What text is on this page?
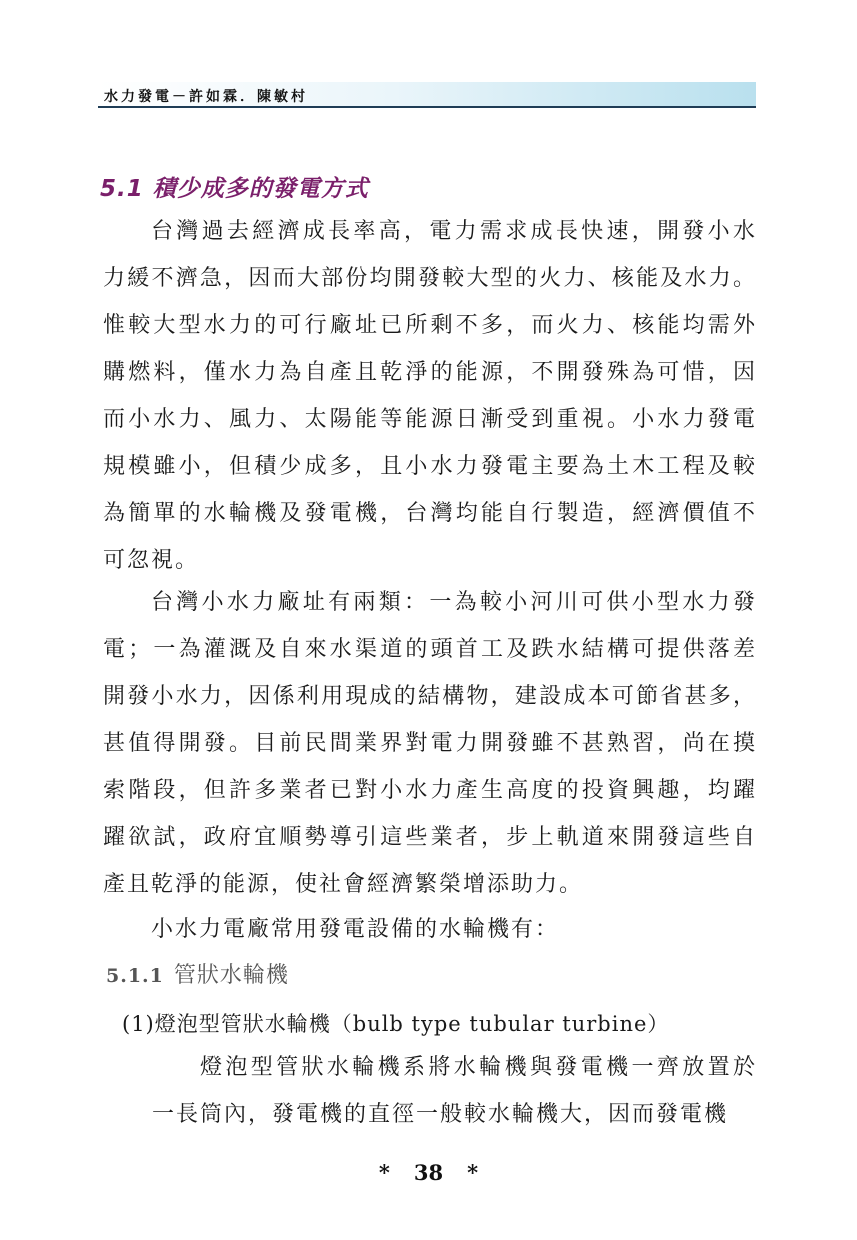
水力發電－許如霖．陳敏村
5.1 積少成多的發電方式
台灣過去經濟成長率高，電力需求成長快速，開發小水
力緩不濟急，因而大部份均開發較大型的火力、核能及水力。
惟較大型水力的可行廠址已所剩不多，而火力、核能均需外
購燃料，僅水力為自產且乾淨的能源，不開發殊為可惜，因
而小水力、風力、太陽能等能源日漸受到重視。小水力發電
規模雖小，但積少成多，且小水力發電主要為土木工程及較
為簡單的水輪機及發電機，台灣均能自行製造，經濟價值不
可忽視。
台灣小水力廠址有兩類：一為較小河川可供小型水力發
電；一為灌溉及自來水渠道的頭首工及跌水結構可提供落差
開發小水力，因係利用現成的結構物，建設成本可節省甚多，
甚值得開發。目前民間業界對電力開發雖不甚熟習，尚在摸
索階段，但許多業者已對小水力產生高度的投資興趣，均躍
躍欲試，政府宜順勢導引這些業者，步上軌道來開發這些自
產且乾淨的能源，使社會經濟繁榮增添助力。
小水力電廠常用發電設備的水輪機有：
5.1.1 管狀水輪機
(1)燈泡型管狀水輪機（bulb type tubular turbine）
燈泡型管狀水輪機系將水輪機與發電機一齊放置於
一長筒內，發電機的直徑一般較水輪機大，因而發電機
* 38 *
